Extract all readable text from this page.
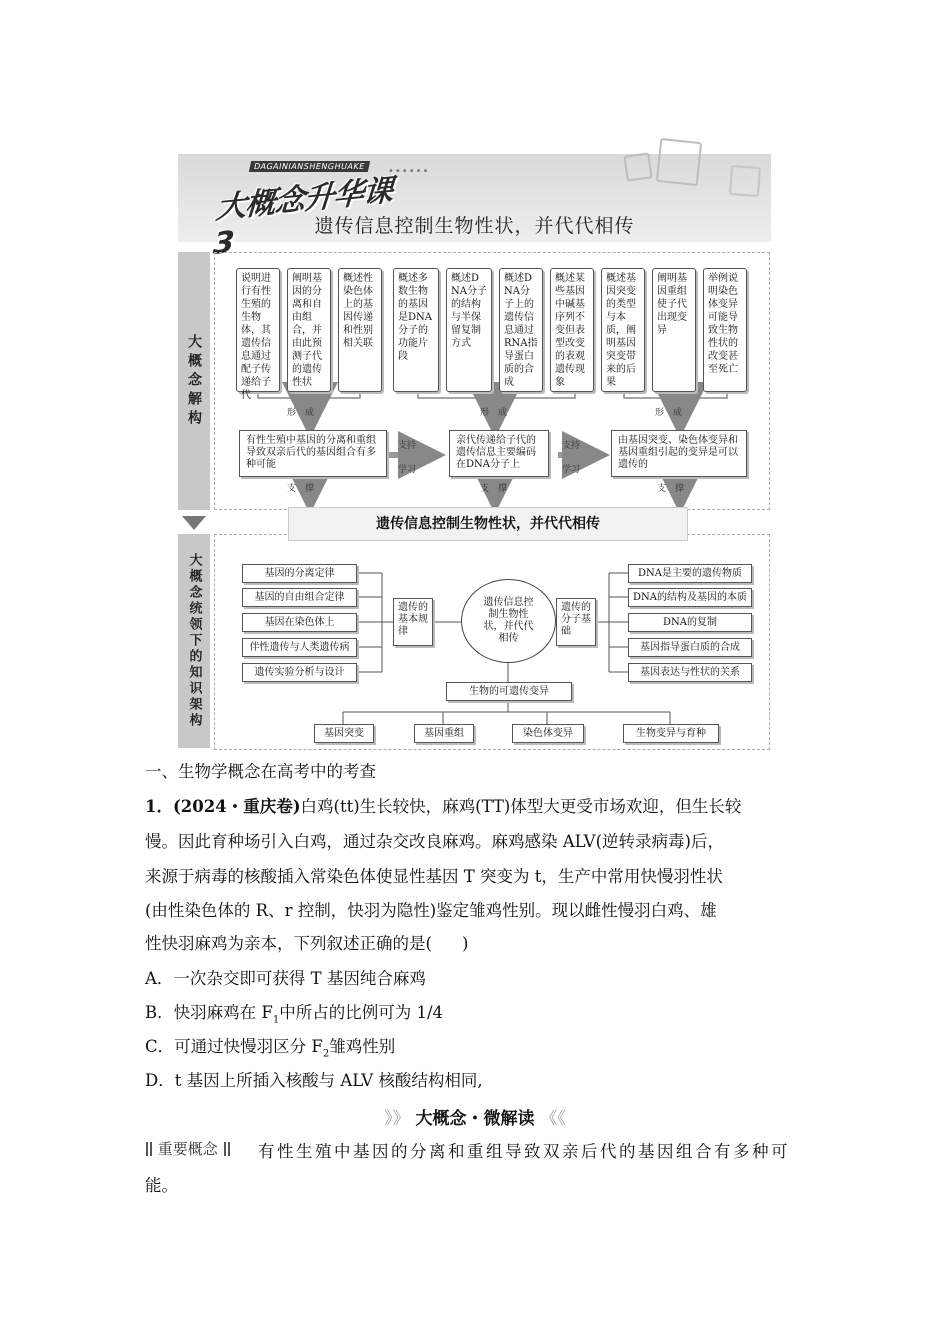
DAGAINIANSHENGHUAKE
大概念升华课3
••••••
遗传信息控制生物性状，并代代相传
大概念解构
大概念统领下的知识架构
说明进行有性生殖的生物体，其遗传信息通过配子传递给子代
阐明基因的分离和自由组合，并由此预测子代的遗传性状
概述性染色体上的基因传递和性别相关联
概述多数生物的基因是DNA分子的功能片段
概述DNA分子的结构与半保留复制方式
概述DNA分子上的遗传信息通过RNA指导蛋白质的合成
概述某些基因中碱基序列不变但表型改变的表观遗传现象
概述基因突变的类型与本质，阐明基因突变带来的后果
阐明基因重组使子代出现变异
举例说明染色体变异可能导致生物性状的改变甚至死亡
形　成	形　成	形　成
有性生殖中基因的分离和重组导致双亲后代的基因组合有多种可能
支持
学习
亲代传递给子代的遗传信息主要编码在DNA分子上
支持
学习
由基因突变、染色体变异和基因重组引起的变异是可以遗传的
支　撑	支　撑	支　撑
遗传信息控制生物性状，并代代相传
基因的分离定律
基因的自由组合定律
基因在染色体上
伴性遗传与人类遗传病
遗传实验分析与设计
遗传的基本规律
遗传信息控制生物性状，并代代相传
遗传的分子基础
DNA是主要的遗传物质
DNA的结构及基因的本质
DNA的复制
基因指导蛋白质的合成
基因表达与性状的关系
生物的可遗传变异
基因突变	基因重组	染色体变异	生物变异与育种
一、生物学概念在高考中的考查
1．(2024・重庆卷)白鸡(tt)生长较快，麻鸡(TT)体型大更受市场欢迎，但生长较
慢。因此育种场引入白鸡，通过杂交改良麻鸡。麻鸡感染 ALV(逆转录病毒)后，
来源于病毒的核酸插入常染色体使显性基因 T 突变为 t，生产中常用快慢羽性状
(由性染色体的 R、r 控制，快羽为隐性)鉴定雏鸡性别。现以雌性慢羽白鸡、雄
性快羽麻鸡为亲本，下列叙述正确的是( )
A．一次杂交即可获得 T 基因纯合麻鸡
B．快羽麻鸡在 $F_1$中所占的比例可为 1/4
C．可通过快慢羽区分 $F_2$雏鸡性别
D．t 基因上所插入核酸与 ALV 核酸结构相同,
》》 大概念・微解读 《《
重要概念	有性生殖中基因的分离和重组导致双亲后代的基因组合有多种可
能。
